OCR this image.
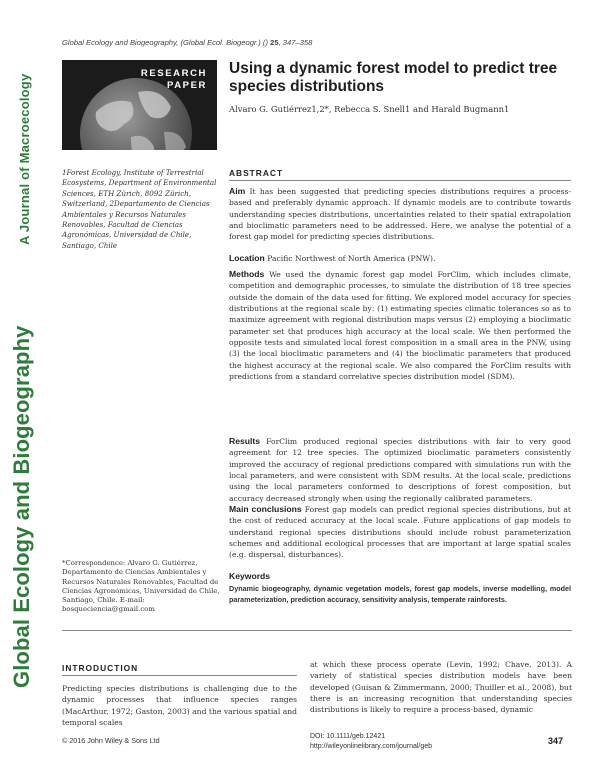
A Journal of Macroecology
Global Ecology and Biogeography
Global Ecology and Biogeography, (Global Ecol. Biogeogr.) () 25, 347–358
RESEARCH
PAPER
Using a dynamic forest model to predict tree species distributions
Alvaro G. Gutiérrez1,2*, Rebecca S. Snell1 and Harald Bugmann1
1Forest Ecology, Institute of Terrestrial Ecosystems, Department of Environmental Sciences, ETH Zürich, 8092 Zürich, Switzerland, 2Departamento de Ciencias Ambientales y Recursos Naturales Renovables, Facultad de Ciencias Agronómicas, Universidad de Chile, Santiago, Chile
*Correspondence: Alvaro G. Gutiérrez, Departamento de Ciencias Ambientales y Recursos Naturales Renovables, Facultad de Ciencias Agronómicas, Universidad de Chile, Santiago, Chile. E-mail: bosqueciencia@gmail.com
ABSTRACT
Aim It has been suggested that predicting species distributions requires a process-based and preferably dynamic approach. If dynamic models are to contribute towards understanding species distributions, uncertainties related to their spatial extrapolation and bioclimatic parameters need to be addressed. Here, we analyse the potential of a forest gap model for predicting species distributions.
Location Pacific Northwest of North America (PNW).
Methods We used the dynamic forest gap model ForClim, which includes climate, competition and demographic processes, to simulate the distribution of 18 tree species outside the domain of the data used for fitting. We explored model accuracy for species distributions at the regional scale by: (1) estimating species climatic tolerances so as to maximize agreement with regional distribution maps versus (2) employing a bioclimatic parameter set that produces high accuracy at the local scale. We then performed the opposite tests and simulated local forest composition in a small area in the PNW, using (3) the local bioclimatic parameters and (4) the bioclimatic parameters that produced the highest accuracy at the regional scale. We also compared the ForClim results with predictions from a standard correlative species distribution model (SDM).
Results ForClim produced regional species distributions with fair to very good agreement for 12 tree species. The optimized bioclimatic parameters consistently improved the accuracy of regional predictions compared with simulations run with the local parameters, and were consistent with SDM results. At the local scale, predictions using the local parameters conformed to descriptions of forest composition, but accuracy decreased strongly when using the regionally calibrated parameters.
Main conclusions Forest gap models can predict regional species distributions, but at the cost of reduced accuracy at the local scale. Future applications of gap models to understand regional species distributions should include robust parameterization schemes and additional ecological processes that are important at large spatial scales (e.g. dispersal, disturbances).
Keywords
Dynamic biogeography, dynamic vegetation models, forest gap models, inverse modelling, model parameterization, prediction accuracy, sensitivity analysis, temperate rainforests.
INTRODUCTION
Predicting species distributions is challenging due to the dynamic processes that influence species ranges (MacArthur, 1972; Gaston, 2003) and the various spatial and temporal scales
at which these process operate (Levin, 1992; Chave, 2013). A variety of statistical species distribution models have been developed (Guisan & Zimmermann, 2000; Thuiller et al., 2008), but there is an increasing recognition that understanding species distributions is likely to require a process-based, dynamic
© 2016 John Wiley & Sons Ltd	DOI: 10.1111/geb.12421
http://wileyonlinelibrary.com/journal/geb
347
